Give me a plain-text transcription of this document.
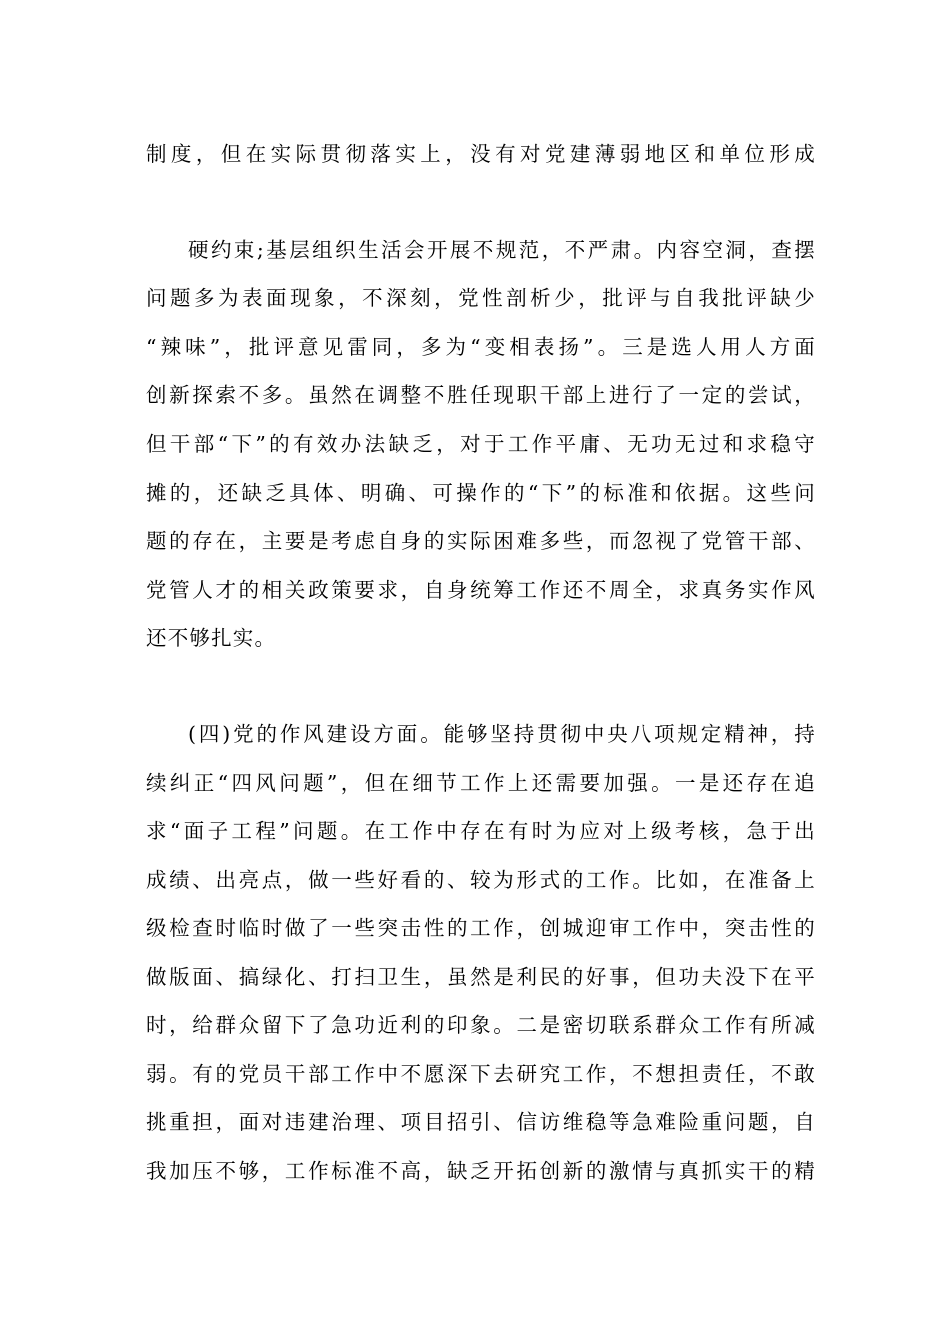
制度，但在实际贯彻落实上，没有对党建薄弱地区和单位形成
硬约束;基层组织生活会开展不规范，不严肃。内容空洞，查摆
问题多为表面现象，不深刻，党性剖析少，批评与自我批评缺少
“辣味”，批评意见雷同，多为“变相表扬”。三是选人用人方面
创新探索不多。虽然在调整不胜任现职干部上进行了一定的尝试，
但干部“下”的有效办法缺乏，对于工作平庸、无功无过和求稳守
摊的，还缺乏具体、明确、可操作的“下”的标准和依据。这些问
题的存在，主要是考虑自身的实际困难多些，而忽视了党管干部、
党管人才的相关政策要求，自身统筹工作还不周全，求真务实作风
还不够扎实。
(四)党的作风建设方面。能够坚持贯彻中央八项规定精神，持
续纠正“四风问题”，但在细节工作上还需要加强。一是还存在追
求“面子工程”问题。在工作中存在有时为应对上级考核，急于出
成绩、出亮点，做一些好看的、较为形式的工作。比如，在准备上
级检查时临时做了一些突击性的工作，创城迎审工作中，突击性的
做版面、搞绿化、打扫卫生，虽然是利民的好事，但功夫没下在平
时，给群众留下了急功近利的印象。二是密切联系群众工作有所减
弱。有的党员干部工作中不愿深下去研究工作，不想担责任，不敢
挑重担，面对违建治理、项目招引、信访维稳等急难险重问题，自
我加压不够，工作标准不高，缺乏开拓创新的激情与真抓实干的精
